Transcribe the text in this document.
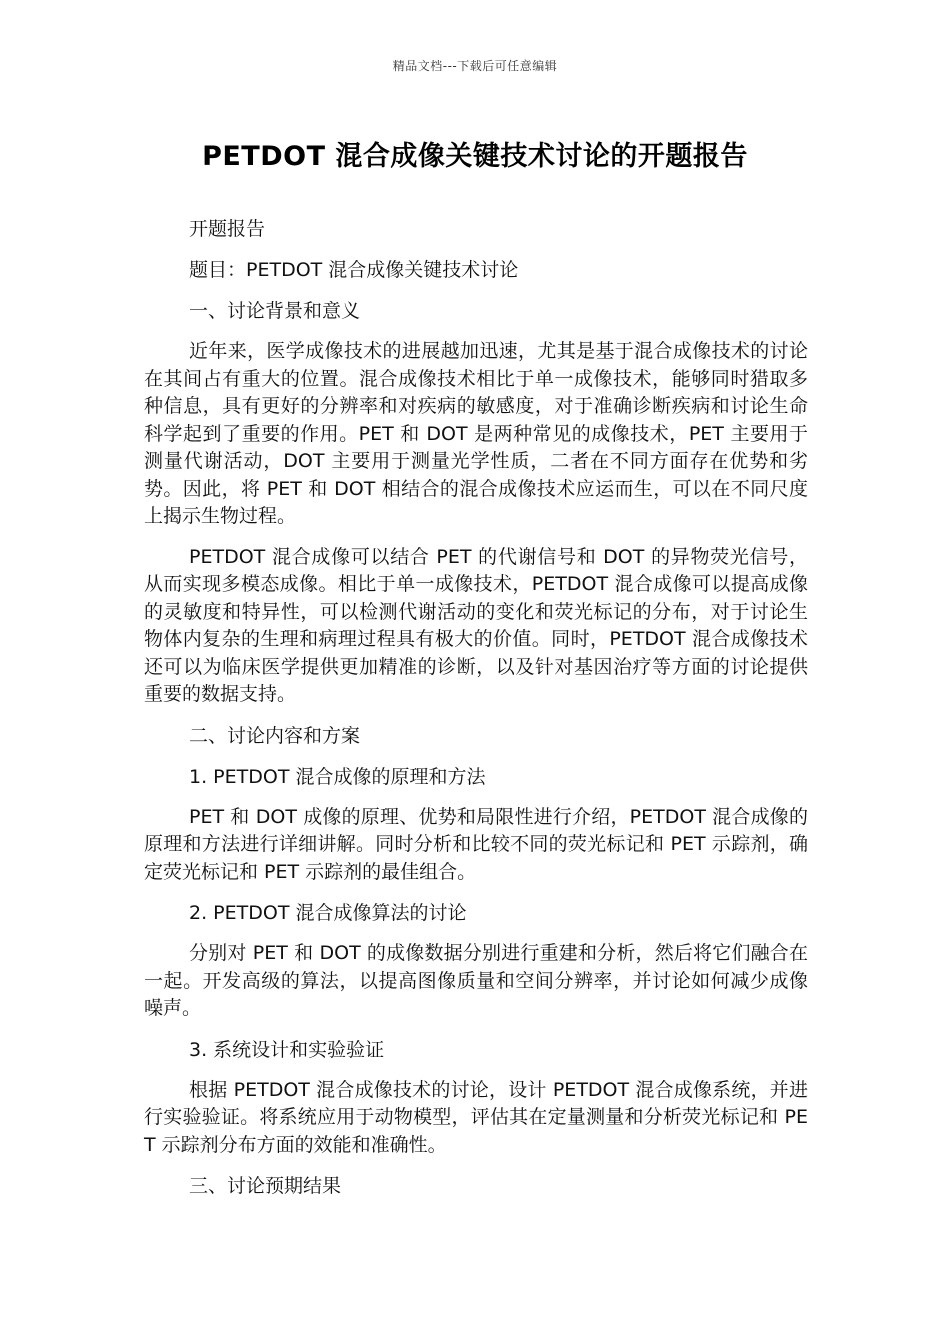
精品文档---下载后可任意编辑
PETDOT 混合成像关键技术讨论的开题报告
开题报告
题目：PETDOT 混合成像关键技术讨论
一、讨论背景和意义
近年来，医学成像技术的进展越加迅速，尤其是基于混合成像技术的讨论在其间占有重大的位置。混合成像技术相比于单一成像技术，能够同时猎取多种信息，具有更好的分辨率和对疾病的敏感度，对于准确诊断疾病和讨论生命科学起到了重要的作用。PET 和 DOT 是两种常见的成像技术，PET 主要用于测量代谢活动，DOT 主要用于测量光学性质，二者在不同方面存在优势和劣势。因此，将 PET 和 DOT 相结合的混合成像技术应运而生，可以在不同尺度上揭示生物过程。
PETDOT 混合成像可以结合 PET 的代谢信号和 DOT 的异物荧光信号，从而实现多模态成像。相比于单一成像技术，PETDOT 混合成像可以提高成像的灵敏度和特异性，可以检测代谢活动的变化和荧光标记的分布，对于讨论生物体内复杂的生理和病理过程具有极大的价值。同时，PETDOT 混合成像技术还可以为临床医学提供更加精准的诊断，以及针对基因治疗等方面的讨论提供重要的数据支持。
二、讨论内容和方案
1. PETDOT 混合成像的原理和方法
PET 和 DOT 成像的原理、优势和局限性进行介绍，PETDOT 混合成像的原理和方法进行详细讲解。同时分析和比较不同的荧光标记和 PET 示踪剂，确定荧光标记和 PET 示踪剂的最佳组合。
2. PETDOT 混合成像算法的讨论
分别对 PET 和 DOT 的成像数据分别进行重建和分析，然后将它们融合在一起。开发高级的算法，以提高图像质量和空间分辨率，并讨论如何减少成像噪声。
3. 系统设计和实验验证
根据 PETDOT 混合成像技术的讨论，设计 PETDOT 混合成像系统，并进行实验验证。将系统应用于动物模型，评估其在定量测量和分析荧光标记和 PET 示踪剂分布方面的效能和准确性。
三、讨论预期结果
